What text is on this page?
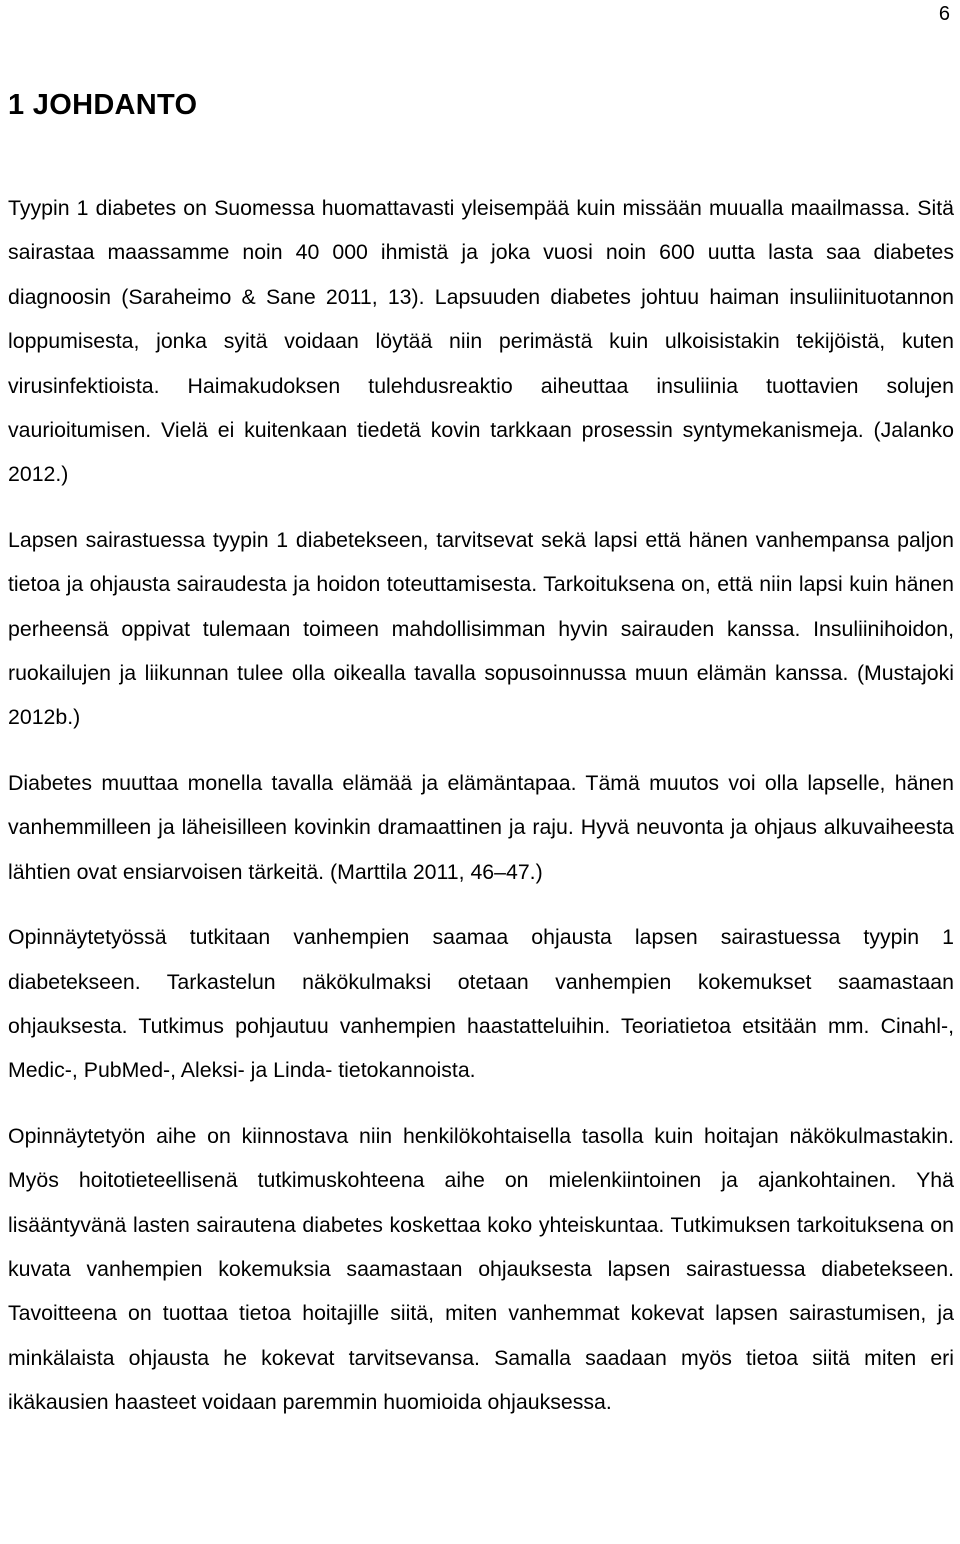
6
1 JOHDANTO

Tyypin 1 diabetes on Suomessa huomattavasti yleisempää kuin missään muualla maailmassa. Sitä sairastaa maassamme noin 40 000 ihmistä ja joka vuosi noin 600 uutta lasta saa diabetes diagnoosin (Saraheimo & Sane 2011, 13). Lapsuuden diabetes johtuu haiman insuliinituotannon loppumisesta, jonka syitä voidaan löytää niin perimästä kuin ulkoisistakin tekijöistä, kuten virusinfektioista. Haimakudoksen tulehdusreaktio aiheuttaa insuliinia tuottavien solujen vaurioitumisen. Vielä ei kuitenkaan tiedetä kovin tarkkaan prosessin syntymekanismeja. (Jalanko 2012.)

Lapsen sairastuessa tyypin 1 diabetekseen, tarvitsevat sekä lapsi että hänen vanhempansa paljon tietoa ja ohjausta sairaudesta ja hoidon toteuttamisesta. Tarkoituksena on, että niin lapsi kuin hänen perheensä oppivat tulemaan toimeen mahdollisimman hyvin sairauden kanssa. Insuliinihoidon, ruokailujen ja liikunnan tulee olla oikealla tavalla sopusoinnussa muun elämän kanssa. (Mustajoki 2012b.)

Diabetes muuttaa monella tavalla elämää ja elämäntapaa. Tämä muutos voi olla lapselle, hänen vanhemmilleen ja läheisilleen kovinkin dramaattinen ja raju. Hyvä neuvonta ja ohjaus alkuvaiheesta lähtien ovat ensiarvoisen tärkeitä. (Marttila 2011, 46–47.)

Opinnäytetyössä tutkitaan vanhempien saamaa ohjausta lapsen sairastuessa tyypin 1 diabetekseen. Tarkastelun näkökulmaksi otetaan vanhempien kokemukset saamastaan ohjauksesta. Tutkimus pohjautuu vanhempien haastatteluihin. Teoriatietoa etsitään mm. Cinahl-, Medic-, PubMed-, Aleksi- ja Linda- tietokannoista.

Opinnäytetyön aihe on kiinnostava niin henkilökohtaisella tasolla kuin hoitajan näkökulmastakin. Myös hoitotieteellisenä tutkimuskohteena aihe on mielenkiintoinen ja ajankohtainen. Yhä lisääntyvänä lasten sairautena diabetes koskettaa koko yhteiskuntaa. Tutkimuksen tarkoituksena on kuvata vanhempien kokemuksia saamastaan ohjauksesta lapsen sairastuessa diabetekseen. Tavoitteena on tuottaa tietoa hoitajille siitä, miten vanhemmat kokevat lapsen sairastumisen, ja minkälaista ohjausta he kokevat tarvitsevansa. Samalla saadaan myös tietoa siitä miten eri ikäkausien haasteet voidaan paremmin huomioida ohjauksessa.
